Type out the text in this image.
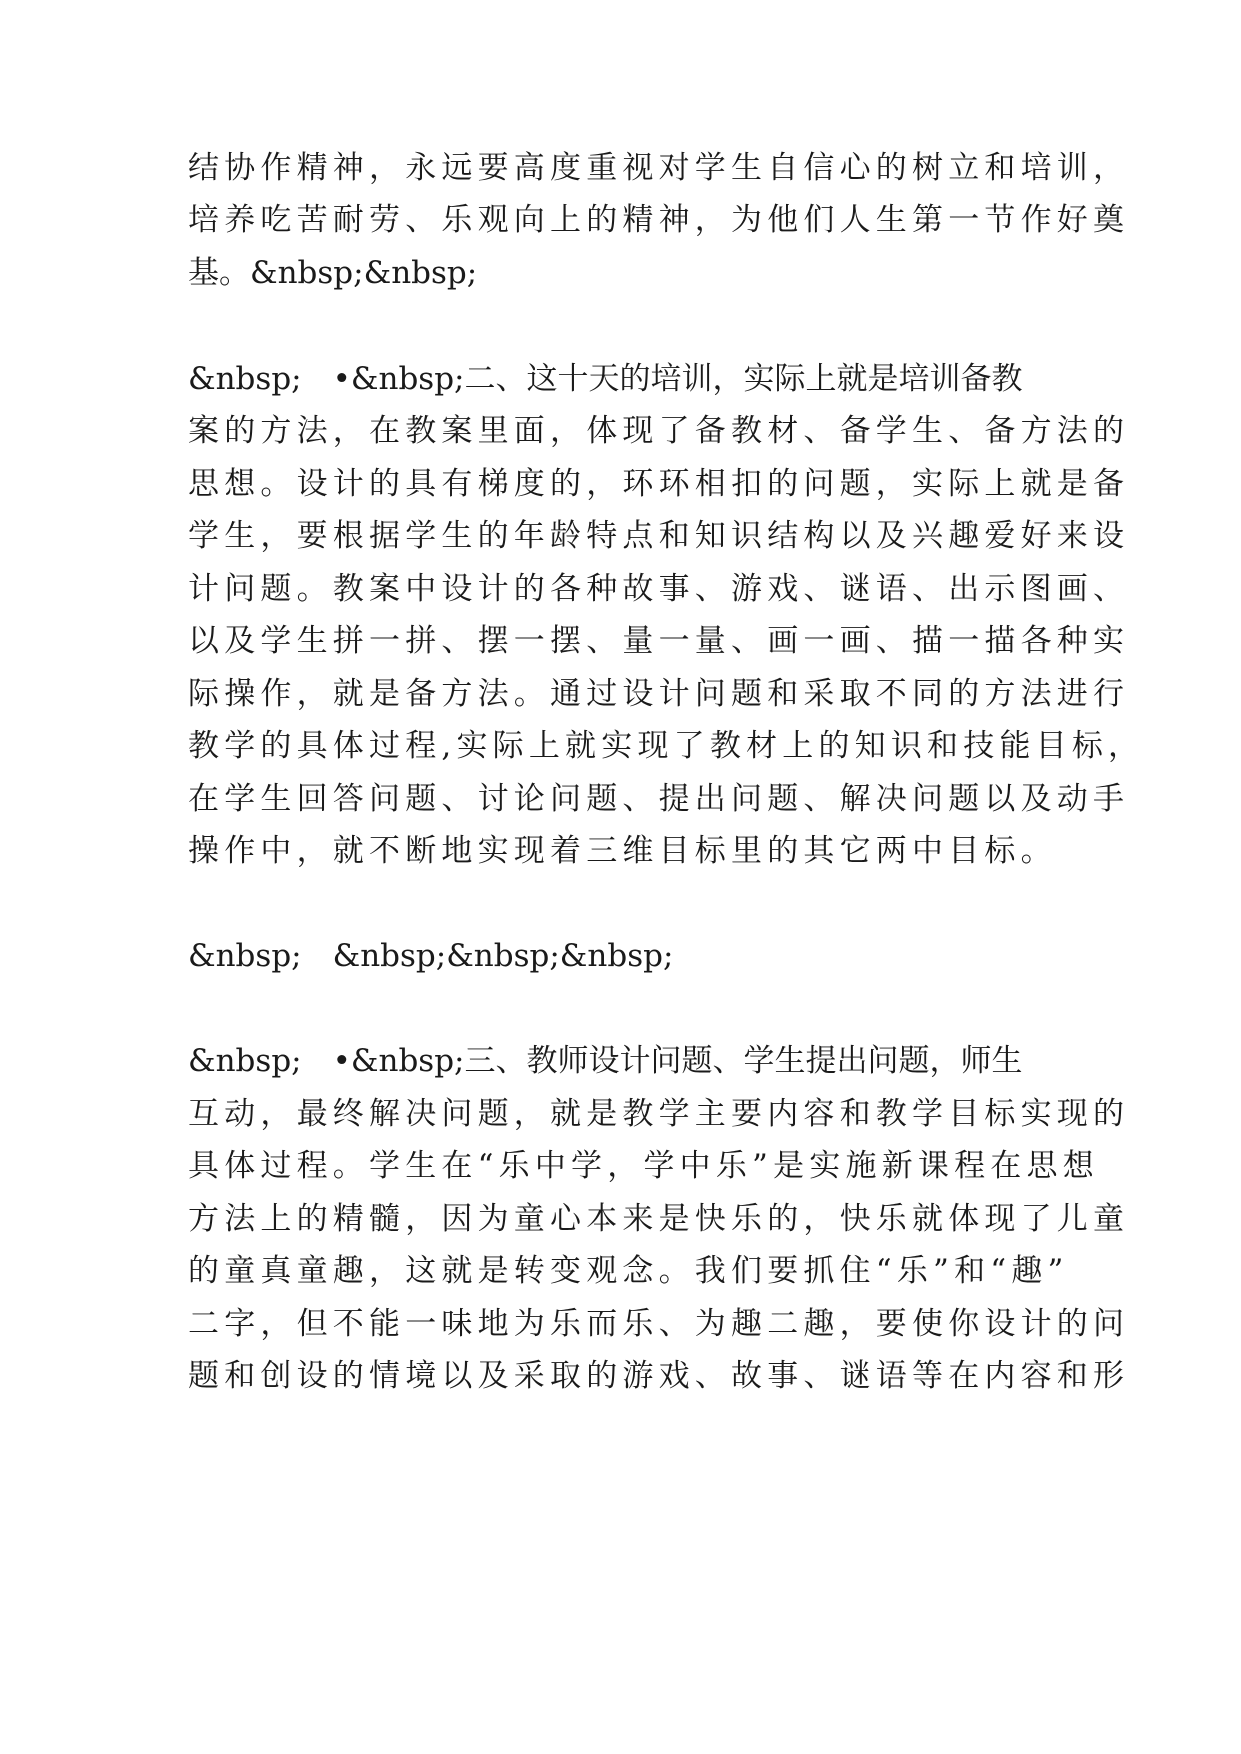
结协作精神，永远要高度重视对学生自信心的树立和培训，

培养吃苦耐劳、乐观向上的精神，为他们人生第一节作好奠

基。&nbsp;&nbsp;

&nbsp;　•&nbsp;二、这十天的培训，实际上就是培训备教

案的方法，在教案里面，体现了备教材、备学生、备方法的

思想。设计的具有梯度的，环环相扣的问题，实际上就是备

学生，要根据学生的年龄特点和知识结构以及兴趣爱好来设

计问题。教案中设计的各种故事、游戏、谜语、出示图画、

以及学生拼一拼、摆一摆、量一量、画一画、描一描各种实

际操作，就是备方法。通过设计问题和采取不同的方法进行

教学的具体过程,实际上就实现了教材上的知识和技能目标，

在学生回答问题、讨论问题、提出问题、解决问题以及动手

操作中，就不断地实现着三维目标里的其它两中目标。

&nbsp;　&nbsp;&nbsp;&nbsp;

&nbsp;　•&nbsp;三、教师设计问题、学生提出问题，师生

互动，最终解决问题，就是教学主要内容和教学目标实现的

具体过程。学生在“乐中学，学中乐”是实施新课程在思想

方法上的精髓，因为童心本来是快乐的，快乐就体现了儿童

的童真童趣，这就是转变观念。我们要抓住“乐”和“趣”

二字，但不能一味地为乐而乐、为趣二趣，要使你设计的问

题和创设的情境以及采取的游戏、故事、谜语等在内容和形
